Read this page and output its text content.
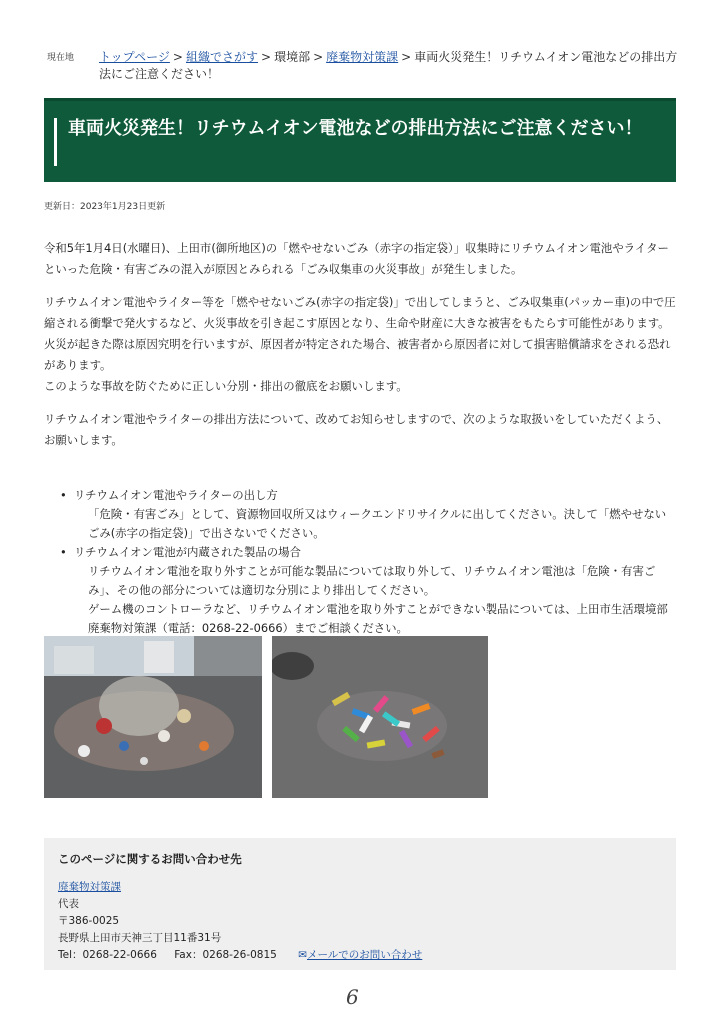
現在地 トップページ > 組織でさがす > 環境部 > 廃棄物対策課 > 車両火災発生！リチウムイオン電池などの排出方法にご注意ください！
車両火災発生！リチウムイオン電池などの排出方法にご注意ください！
更新日：2023年1月23日更新

令和5年1月4日(水曜日)、上田市(御所地区)の「燃やせないごみ（赤字の指定袋）」収集時にリチウムイオン電池やライターといった危険・有害ごみの混入が原因とみられる「ごみ収集車の火災事故」が発生しました。

リチウムイオン電池やライター等を「燃やせないごみ(赤字の指定袋)」で出してしまうと、ごみ収集車(パッカー車)の中で圧縮される衝撃で発火するなど、火災事故を引き起こす原因となり、生命や財産に大きな被害をもたらす可能性があります。

火災が起きた際は原因究明を行いますが、原因者が特定された場合、被害者から原因者に対して損害賠償請求をされる恐れがあります。

このような事故を防ぐために正しい分別・排出の徹底をお願いします。

リチウムイオン電池やライターの排出方法について、改めてお知らせしますので、次のような取扱いをしていただくよう、お願いします。

• リチウムイオン電池やライターの出し方
「危険・有害ごみ」として、資源物回収所又はウィークエンドリサイクルに出してください。決して「燃やせないごみ(赤字の指定袋)」で出さないでください。
• リチウムイオン電池が内蔵された製品の場合
リチウムイオン電池を取り外すことが可能な製品については取り外して、リチウムイオン電池は「危険・有害ごみ」、その他の部分については適切な分別により排出してください。
ゲーム機のコントローラなど、リチウムイオン電池を取り外すことができない製品については、上田市生活環境部廃棄物対策課（電話：0268-22-0666）までご相談ください。
このページに関するお問い合わせ先
廃棄物対策課
代表
〒386-0025
長野県上田市天神三丁目11番31号
Tel：0268-22-0666 Fax：0268-26-0815 ✉メールでのお問い合わせ
6
